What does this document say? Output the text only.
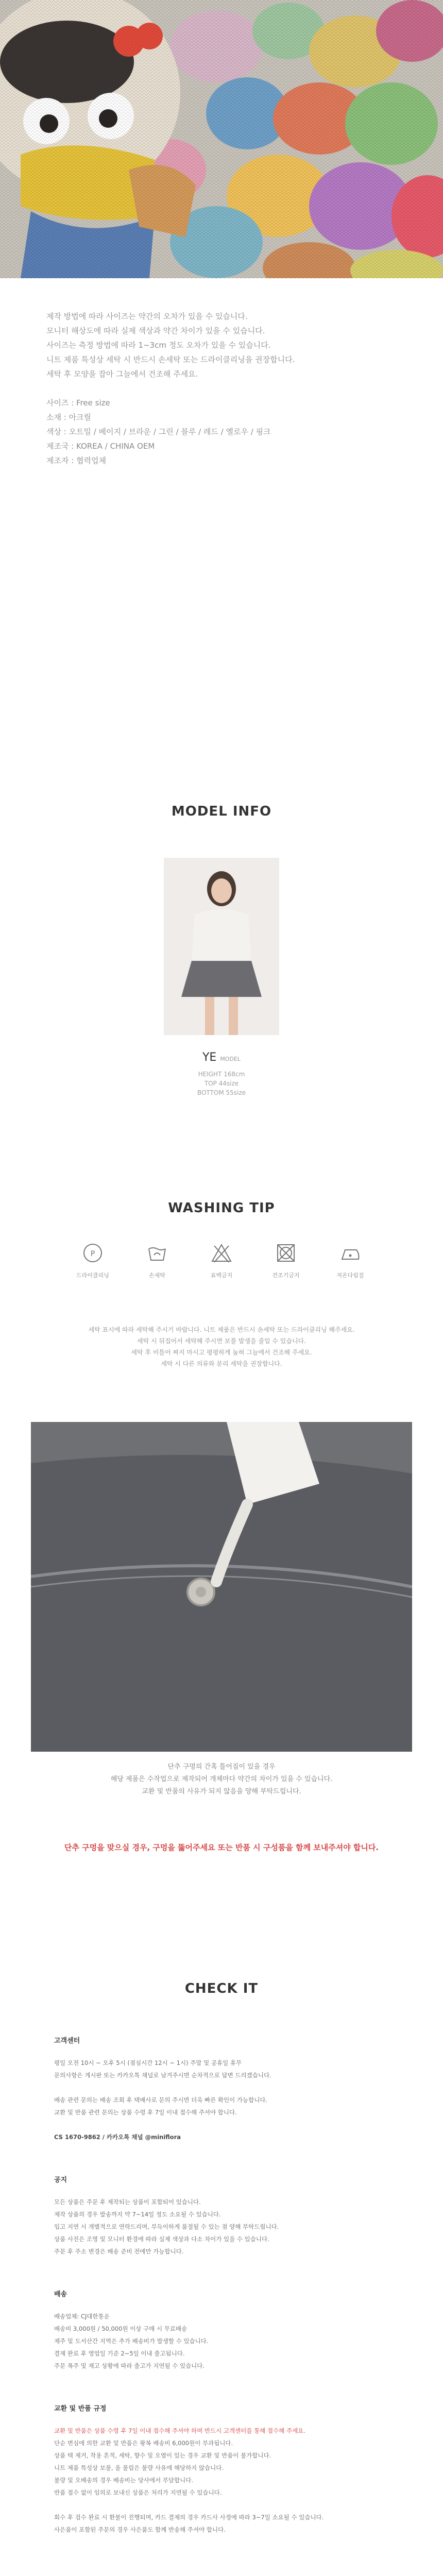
제작 방법에 따라 사이즈는 약간의 오차가 있을 수 있습니다.
모니터 해상도에 따라 실제 색상과 약간 차이가 있을 수 있습니다.
사이즈는 측정 방법에 따라 1~3cm 정도 오차가 있을 수 있습니다.
니트 제품 특성상 세탁 시 반드시 손세탁 또는 드라이클리닝을 권장합니다.
세탁 후 모양을 잡아 그늘에서 건조해 주세요.

사이즈 : Free size
소재 : 아크릴
색상 : 오트밀 / 베이지 / 브라운 / 그린 / 블루 / 레드 / 옐로우 / 핑크
제조국 : KOREA / CHINA OEM
제조자 : 협력업체

MODEL INFO
YE MODEL
HEIGHT 168cm
TOP 44size
BOTTOM 55size
WASHING TIP
P
드라이클리닝	손세탁	표백금지	건조기금지	저온다림질
세탁 표시에 따라 세탁해 주시기 바랍니다. 니트 제품은 반드시 손세탁 또는 드라이클리닝 해주세요.
세탁 시 뒤집어서 세탁해 주시면 보풀 발생을 줄일 수 있습니다.
세탁 후 비틀어 짜지 마시고 평평하게 눕혀 그늘에서 건조해 주세요.
세탁 시 다른 의류와 분리 세탁을 권장합니다.
단추 구멍의 간혹 틀어짐이 있을 경우
해당 제품은 수작업으로 제작되어 개체마다 약간의 차이가 있을 수 있습니다.
교환 및 반품의 사유가 되지 않음을 양해 부탁드립니다.
단추 구멍을 맞으실 경우, 구멍을 뚫어주세요 또는 반품 시 구성품을 함께 보내주셔야 합니다.
CHECK IT
고객센터
평일 오전 10시 ~ 오후 5시 (점심시간 12시 ~ 1시) 주말 및 공휴일 휴무
문의사항은 게시판 또는 카카오톡 채널로 남겨주시면 순차적으로 답변 드리겠습니다.

배송 관련 문의는 배송 조회 후 택배사로 문의 주시면 더욱 빠른 확인이 가능합니다.
교환 및 반품 관련 문의는 상품 수령 후 7일 이내 접수해 주셔야 합니다.

CS 1670-9862 / 카카오톡 채널 @miniflora
공지
모든 상품은 주문 후 제작되는 상품이 포함되어 있습니다.
제작 상품의 경우 발송까지 약 7~14일 정도 소요될 수 있습니다.
입고 지연 시 개별적으로 연락드리며, 부득이하게 품절될 수 있는 점 양해 부탁드립니다.
상품 사진은 조명 및 모니터 환경에 따라 실제 색상과 다소 차이가 있을 수 있습니다.
주문 후 주소 변경은 배송 준비 전에만 가능합니다.
배송
배송업체: CJ대한통운
배송비 3,000원 / 50,000원 이상 구매 시 무료배송
제주 및 도서산간 지역은 추가 배송비가 발생할 수 있습니다.
결제 완료 후 영업일 기준 2~5일 이내 출고됩니다.
주문 폭주 및 재고 상황에 따라 출고가 지연될 수 있습니다.
교환 및 반품 규정
교환 및 반품은 상품 수령 후 7일 이내 접수해 주셔야 하며 반드시 고객센터를 통해 접수해 주세요.
단순 변심에 의한 교환 및 반품은 왕복 배송비 6,000원이 부과됩니다.
상품 택 제거, 착용 흔적, 세탁, 향수 및 오염이 있는 경우 교환 및 반품이 불가합니다.
니트 제품 특성상 보풀, 올 풀림은 불량 사유에 해당하지 않습니다.
불량 및 오배송의 경우 배송비는 당사에서 부담합니다.
반품 접수 없이 임의로 보내신 상품은 처리가 지연될 수 있습니다.

회수 후 검수 완료 시 환불이 진행되며, 카드 결제의 경우 카드사 사정에 따라 3~7일 소요될 수 있습니다.
사은품이 포함된 주문의 경우 사은품도 함께 반송해 주셔야 합니다.
